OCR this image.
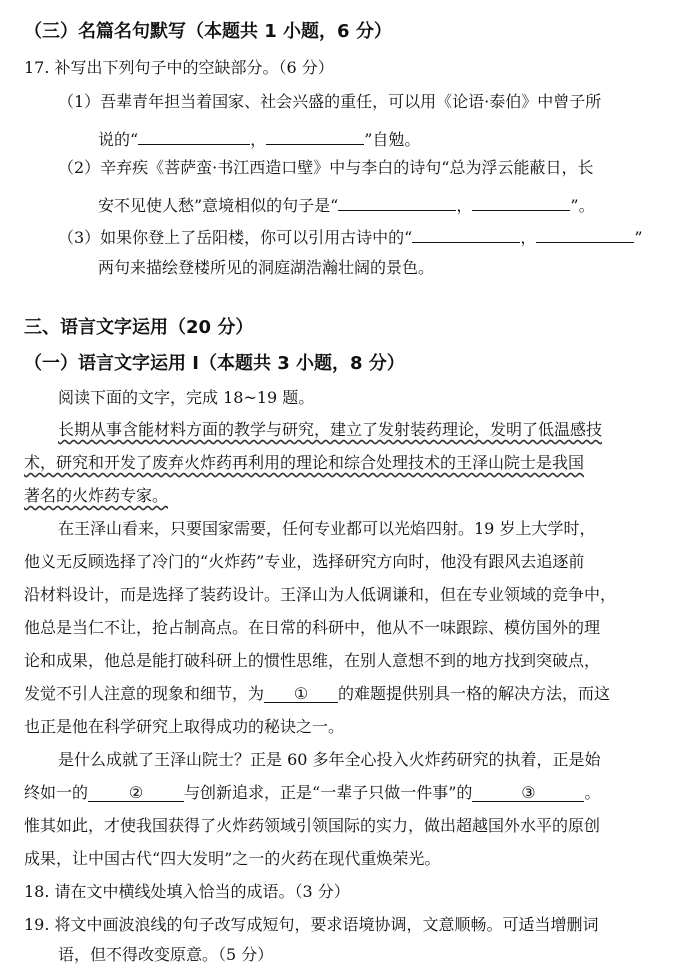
（三）名篇名句默写（本题共 1 小题，6 分）
17. 补写出下列句子中的空缺部分。（6 分）
（1）吾辈青年担当着国家、社会兴盛的重任，可以用《论语·泰伯》中曾子所
说的“	，	”自勉。
（2）辛弃疾《菩萨蛮·书江西造口壁》中与李白的诗句“总为浮云能蔽日，长
安不见使人愁”意境相似的句子是“	，	”。
（3）如果你登上了岳阳楼，你可以引用古诗中的“	，	”
两句来描绘登楼所见的洞庭湖浩瀚壮阔的景色。
三、语言文字运用（20 分）
（一）语言文字运用 I（本题共 3 小题，8 分）
阅读下面的文字，完成 18~19 题。
长期从事含能材料方面的教学与研究，建立了发射装药理论，发明了低温感技
术，研究和开发了废弃火炸药再利用的理论和综合处理技术的王泽山院士是我国
著名的火炸药专家。
在王泽山看来，只要国家需要，任何专业都可以光焰四射。19 岁上大学时，
他义无反顾选择了冷门的“火炸药”专业，选择研究方向时，他没有跟风去追逐前
沿材料设计，而是选择了装药设计。王泽山为人低调谦和，但在专业领域的竞争中，
他总是当仁不让，抢占制高点。在日常的科研中，他从不一味跟踪、模仿国外的理
论和成果，他总是能打破科研上的惯性思维，在别人意想不到的地方找到突破点，
发觉不引人注意的现象和细节，为 ① 的难题提供别具一格的解决方法，而这
也正是他在科学研究上取得成功的秘诀之一。
是什么成就了王泽山院士？正是 60 多年全心投入火炸药研究的执着，正是始
终如一的	②	与创新追求，正是“一辈子只做一件事”的	③	。
惟其如此，才使我国获得了火炸药领域引领国际的实力，做出超越国外水平的原创
成果，让中国古代“四大发明”之一的火药在现代重焕荣光。
18. 请在文中横线处填入恰当的成语。（3 分）
19. 将文中画波浪线的句子改写成短句，要求语境协调，文意顺畅。可适当增删词
语，但不得改变原意。（5 分）
